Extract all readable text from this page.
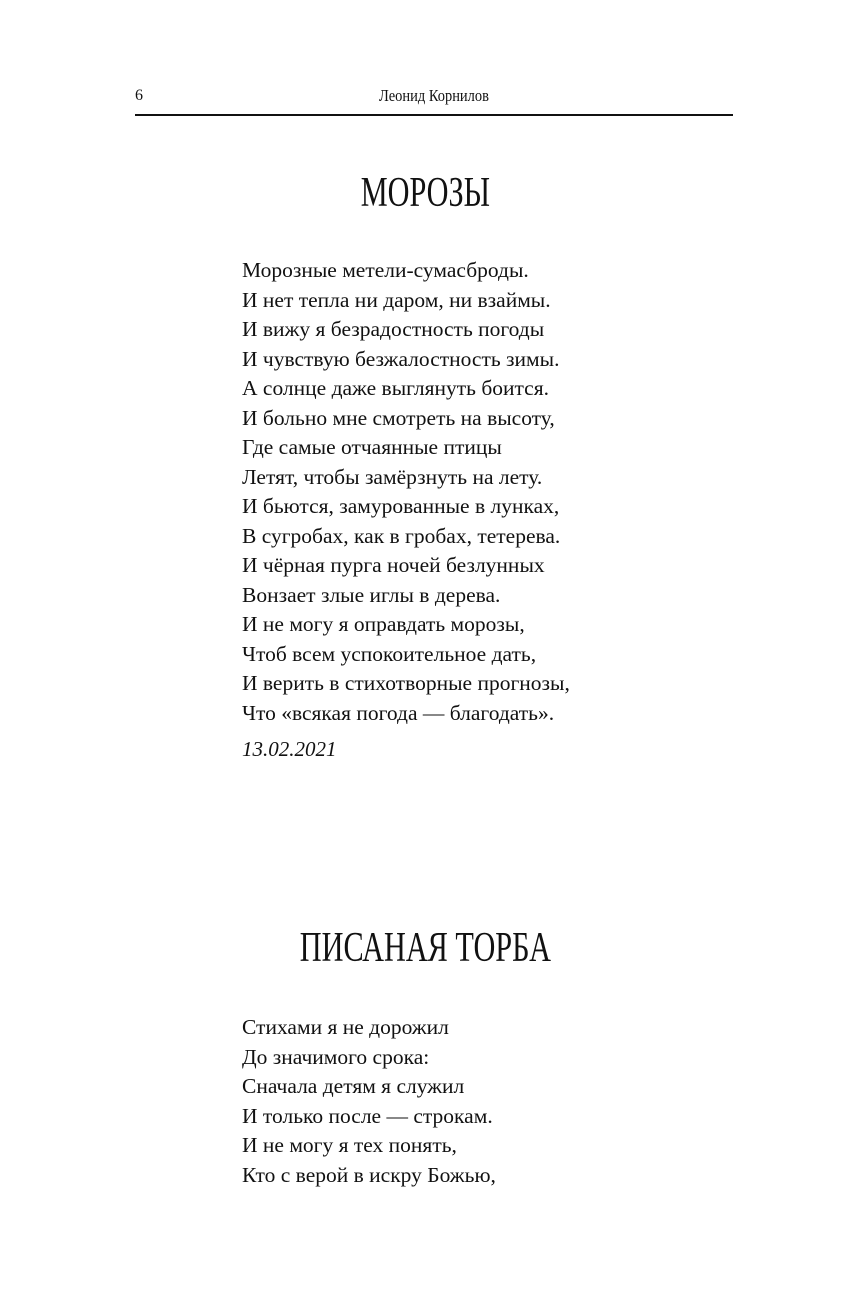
6	Леонид Корнилов
МОРОЗЫ
Морозные метели-сумасброды.
И нет тепла ни даром, ни взаймы.
И вижу я безрадостность погоды
И чувствую безжалостность зимы.
А солнце даже выглянуть боится.
И больно мне смотреть на высоту,
Где самые отчаянные птицы
Летят, чтобы замёрзнуть на лету.
И бьются, замурованные в лунках,
В сугробах, как в гробах, тетерева.
И чёрная пурга ночей безлунных
Вонзает злые иглы в дерева.
И не могу я оправдать морозы,
Чтоб всем успокоительное дать,
И верить в стихотворные прогнозы,
Что «всякая погода — благодать».
13.02.2021
ПИСАНАЯ ТОРБА
Стихами я не дорожил
До значимого срока:
Сначала детям я служил
И только после — строкам.
И не могу я тех понять,
Кто с верой в искру Божью,
